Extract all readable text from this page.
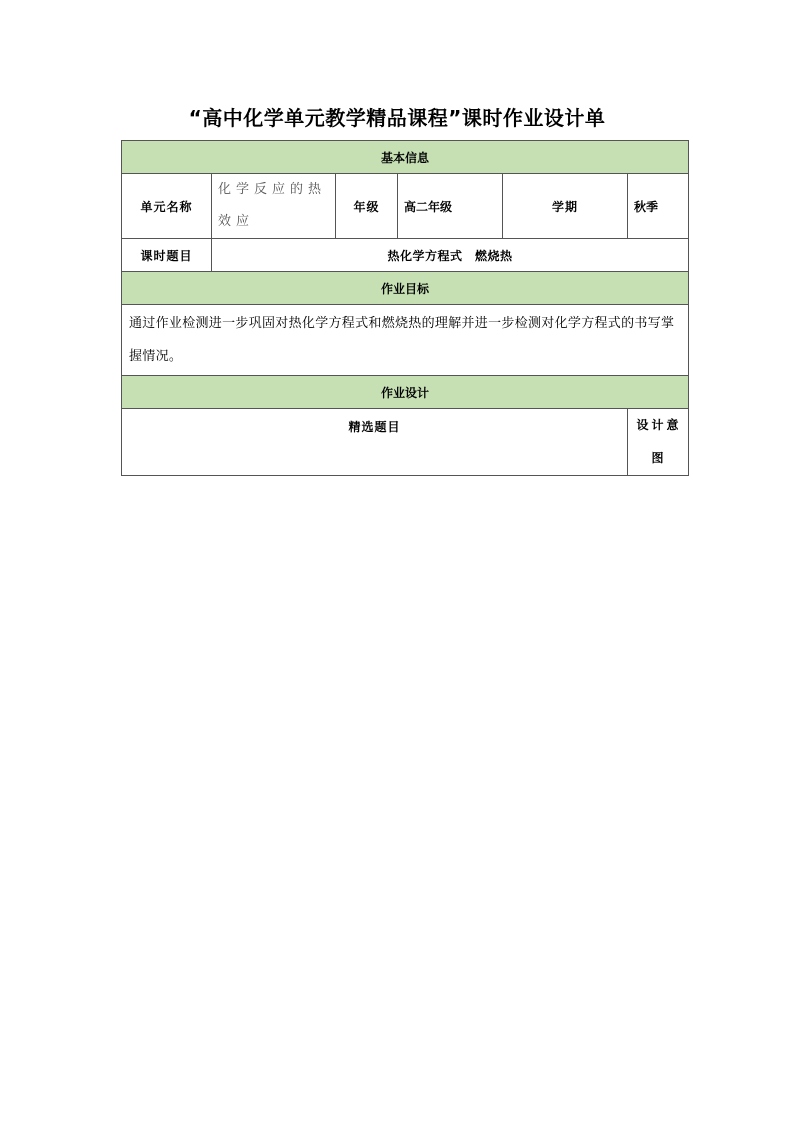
“高中化学单元教学精品课程”课时作业设计单
基本信息					
单元名称	化学反应的热效应	年级	高二年级	学期	秋季
课时题目	热化学方程式　燃烧热				
作业目标					
通过作业检测进一步巩固对热化学方程式和燃烧热的理解并进一步检测对化学方程式的书写掌握情况。					
作业设计					
精选题目					设计意图
